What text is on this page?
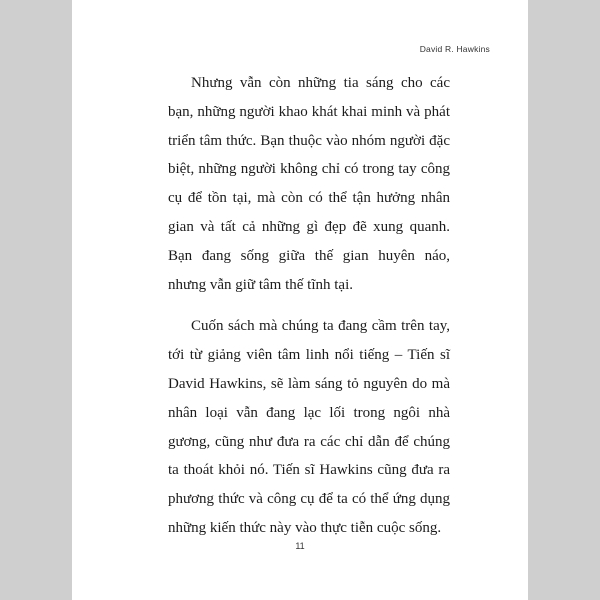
David R. Hawkins

Nhưng vẫn còn những tia sáng cho các bạn, những người khao khát khai minh và phát triển tâm thức. Bạn thuộc vào nhóm người đặc biệt, những người không chỉ có trong tay công cụ để tồn tại, mà còn có thể tận hưởng nhân gian và tất cả những gì đẹp đẽ xung quanh. Bạn đang sống giữa thế gian huyên náo, nhưng vẫn giữ tâm thế tĩnh tại.

Cuốn sách mà chúng ta đang cầm trên tay, tới từ giảng viên tâm linh nổi tiếng – Tiến sĩ David Hawkins, sẽ làm sáng tỏ nguyên do mà nhân loại vẫn đang lạc lối trong ngôi nhà gương, cũng như đưa ra các chỉ dẫn để chúng ta thoát khỏi nó. Tiến sĩ Hawkins cũng đưa ra phương thức và công cụ để ta có thể ứng dụng những kiến thức này vào thực tiễn cuộc sống.

11
